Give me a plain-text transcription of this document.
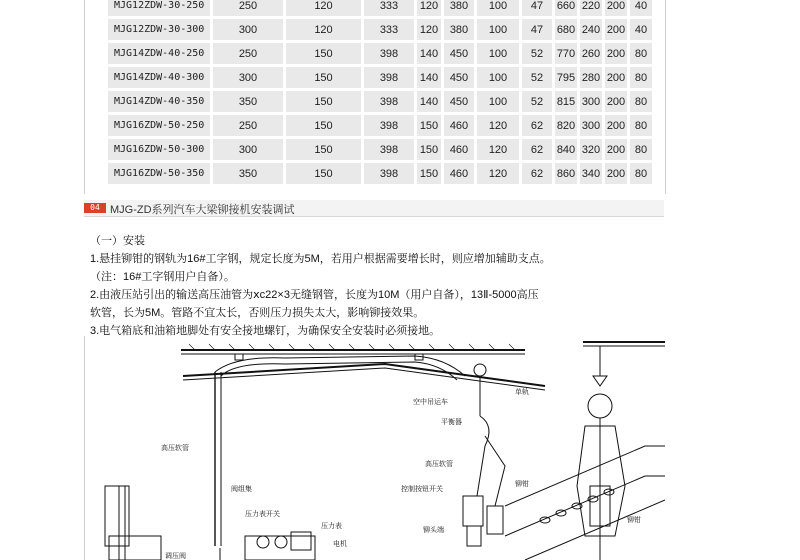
MJG12ZDW-30-250	250	120	333	120	380	100	47	660	220	200	40
MJG12ZDW-30-300	300	120	333	120	380	100	47	680	240	200	40
MJG14ZDW-40-250	250	150	398	140	450	100	52	770	260	200	80
MJG14ZDW-40-300	300	150	398	140	450	100	52	795	280	200	80
MJG14ZDW-40-350	350	150	398	140	450	100	52	815	300	200	80
MJG16ZDW-50-250	250	150	398	150	460	120	62	820	300	200	80
MJG16ZDW-50-300	300	150	398	150	460	120	62	840	320	200	80
MJG16ZDW-50-350	350	150	398	150	460	120	62	860	340	200	80
04 MJG-ZD系列汽车大梁铆接机安装调试

（一）安装

1.悬挂铆钳的钢轨为16#工字钢，规定长度为5M，若用户根据需要增长时，则应增加辅助支点。

（注：16#工字钢用户自备）。

2.由液压站引出的输送高压油管为ⅹc22×3无缝钢管，长度为10M（用户自备），13Ⅱ-5000高压

软管，长为5M。管路不宜太长，否则压力损失太大，影响铆接效果。

3.电气箱底和油箱地脚处有安全接地螺钉，为确保安全安装时必须接地。

空中吊运车
单轨
平衡器
高压软管
高压软管
铆钳
控制按钮开关
阀组集
压力表开关
压力表
电机
铆头端
调压阀
铆钳
